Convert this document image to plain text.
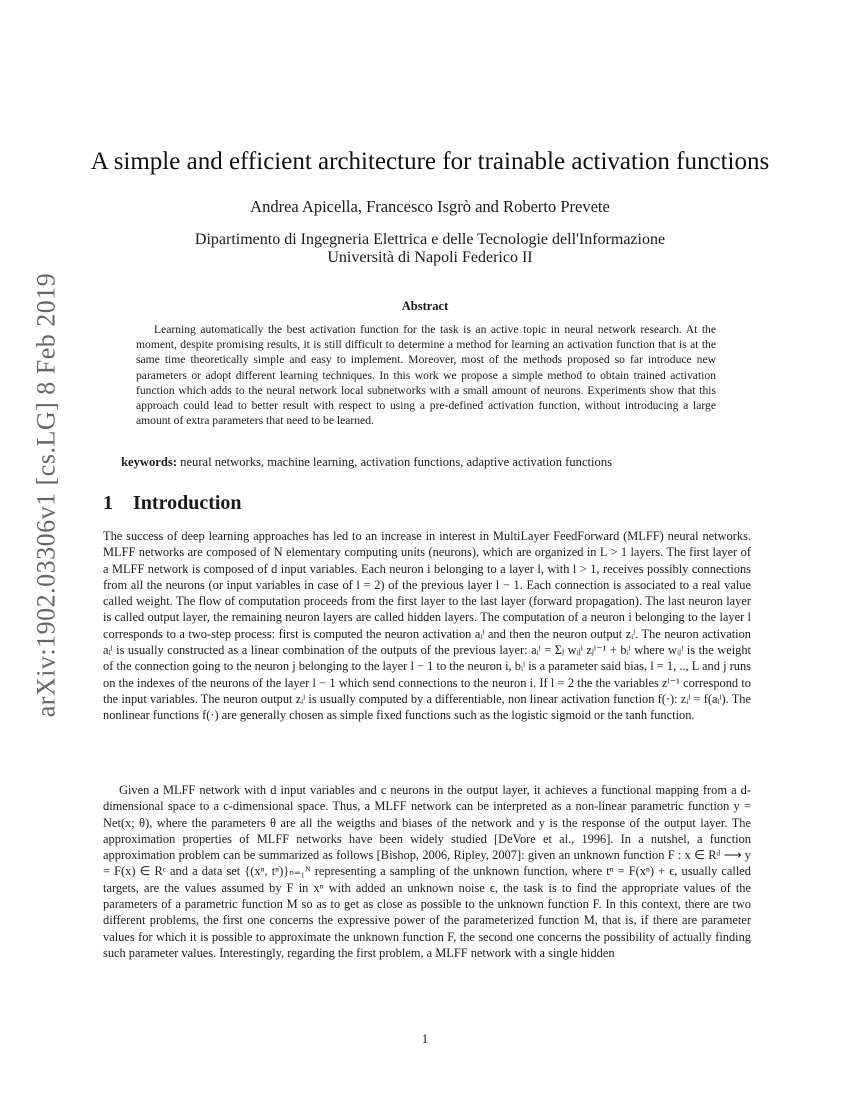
arXiv:1902.03306v1 [cs.LG] 8 Feb 2019
A simple and efficient architecture for trainable activation functions
Andrea Apicella, Francesco Isgrò and Roberto Prevete
Dipartimento di Ingegneria Elettrica e delle Tecnologie dell'Informazione
Università di Napoli Federico II
Abstract

Learning automatically the best activation function for the task is an active topic in neural network research. At the moment, despite promising results, it is still difficult to determine a method for learning an activation function that is at the same time theoretically simple and easy to implement. Moreover, most of the methods proposed so far introduce new parameters or adopt different learning techniques. In this work we propose a simple method to obtain trained activation function which adds to the neural network local subnetworks with a small amount of neurons. Experiments show that this approach could lead to better result with respect to using a pre-defined activation function, without introducing a large amount of extra parameters that need to be learned.

keywords: neural networks, machine learning, activation functions, adaptive activation functions
1 Introduction

The success of deep learning approaches has led to an increase in interest in MultiLayer FeedForward (MLFF) neural networks. MLFF networks are composed of N elementary computing units (neurons), which are organized in L > 1 layers. The first layer of a MLFF network is composed of d input variables. Each neuron i belonging to a layer l, with l > 1, receives possibly connections from all the neurons (or input variables in case of l = 2) of the previous layer l − 1. Each connection is associated to a real value called weight. The flow of computation proceeds from the first layer to the last layer (forward propagation). The last neuron layer is called output layer, the remaining neuron layers are called hidden layers. The computation of a neuron i belonging to the layer l corresponds to a two-step process: first is computed the neuron activation aᵢˡ and then the neuron output zᵢˡ. The neuron activation aᵢˡ is usually constructed as a linear combination of the outputs of the previous layer: aᵢˡ = Σⱼ wᵢⱼˡ zⱼˡ⁻¹ + bᵢˡ where wᵢⱼˡ is the weight of the connection going to the neuron j belonging to the layer l − 1 to the neuron i, bᵢˡ is a parameter said bias, l = 1, .., L and j runs on the indexes of the neurons of the layer l − 1 which send connections to the neuron i. If l = 2 the the variables zˡ⁻¹ correspond to the input variables. The neuron output zᵢˡ is usually computed by a differentiable, non linear activation function f(·): zᵢˡ = f(aᵢˡ). The nonlinear functions f(·) are generally chosen as simple fixed functions such as the logistic sigmoid or the tanh function.

Given a MLFF network with d input variables and c neurons in the output layer, it achieves a functional mapping from a d-dimensional space to a c-dimensional space. Thus, a MLFF network can be interpreted as a non-linear parametric function y = Net(x; θ), where the parameters θ are all the weigths and biases of the network and y is the response of the output layer. The approximation properties of MLFF networks have been widely studied [DeVore et al., 1996]. In a nutshel, a function approximation problem can be summarized as follows [Bishop, 2006, Ripley, 2007]: given an unknown function F : x ∈ Rᵈ ⟶ y = F(x) ∈ Rᶜ and a data set {(xⁿ, tⁿ)}ₙ₌₁ᴺ representing a sampling of the unknown function, where tⁿ = F(xⁿ) + ϵ, usually called targets, are the values assumed by F in xⁿ with added an unknown noise ϵ, the task is to find the appropriate values of the parameters of a parametric function M so as to get as close as possible to the unknown function F. In this context, there are two different problems, the first one concerns the expressive power of the parameterized function M, that is, if there are parameter values for which it is possible to approximate the unknown function F, the second one concerns the possibility of actually finding such parameter values. Interestingly, regarding the first problem, a MLFF network with a single hidden

1
